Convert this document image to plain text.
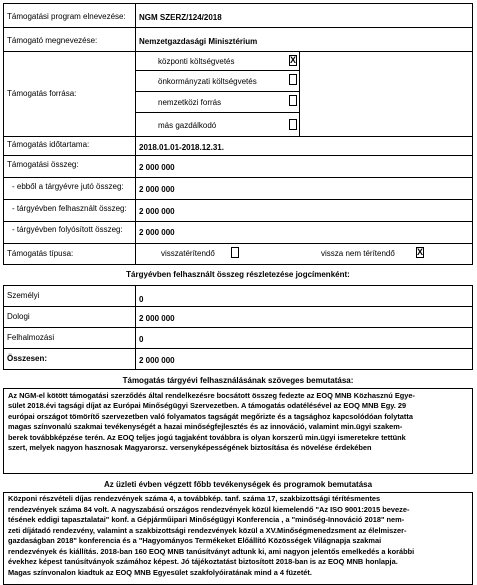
Támogatási program elnevezése: NGM SZERZ/124/2018
Támogató megnevezése:	Nemzetgazdasági Minisztérium
Támogatás forrása:
központi költségvetés	X
önkormányzati költségvetés
nemzetközi forrás
más gazdálkodó
Támogatás időtartama:	2018.01.01-2018.12.31.
Támogatási összeg:	2 000 000
- ebből a tárgyévre jutó összeg: 2 000 000
- tárgyévben felhasznált összeg: 2 000 000
- tárgyévben folyósított összeg: 2 000 000
Támogatás típusa:	visszatérítendő	vissza nem térítendő X
Tárgyévben felhasznált összeg részletezése jogcímenként:
Személyi	0
Dologi	2 000 000
Felhalmozási	0
Összesen:	2 000 000
Támogatás tárgyévi felhasználásának szöveges bemutatása:
Az NGM-el kötött támogatási szerződés által rendelkezésre bocsátott összeg fedezte az EOQ MNB Közhasznú Egye-
sület 2018.évi tagsági díjat az Európai Minőségügyi Szervezetben. A támogatás odatélésével az EOQ MNB Egy. 29
európai országot tömörítő szervezetben való folyamatos tagságát megőrizte és a tagsághoz kapcsolódóan folytatta
magas színvonalú szakmai tevékenységét a hazai minőségfejlesztés és az innováció, valamint min.ügyi szakem-
berek továbbképzése terén. Az EOQ teljes jogú tagjaként továbbra is olyan korszerű min.ügyi ismeretekre tettünk
szert, melyek nagyon hasznosak Magyarorsz. versenyképességének biztosítása és növelése érdekében
Az üzleti évben végzett főbb tevékenységek és programok bemutatása
Közponi részvételi díjas rendezvények száma 4, a továbbkép. tanf. száma 17, szakbizottsági térítésmentes
rendezvények száma 84 volt. A nagyszabású országos rendezvények közül kiemelendő "Az ISO 9001:2015 beveze-
tésének eddigi tapasztalatai" konf. a Gépjárműipari Minőségügyi Konferencia , a "minőség-Innováció 2018" nem-
zeti díjátadó rendezvény, valamint a szakbizottsági rendezvények közül a XV.Minőségmenedzsment az élelmiszer-
gazdaságban 2018" konferencia és a "Hagyományos Termékeket Előállító Közösségek Világnapja szakmai
rendezvények és kiállítás. 2018-ban 160 EOQ MNB tanúsítványt adtunk ki, ami nagyon jelentős emelkedés a korábbi
évekhez képest tanúsítványok számához képest. Jó tájékoztatást biztosított 2018-ban is az EOQ MNB honlapja.
Magas színvonalon kiadtuk az EOQ MNB Egyesület szakfolyóiratának mind a 4 füzetét.
